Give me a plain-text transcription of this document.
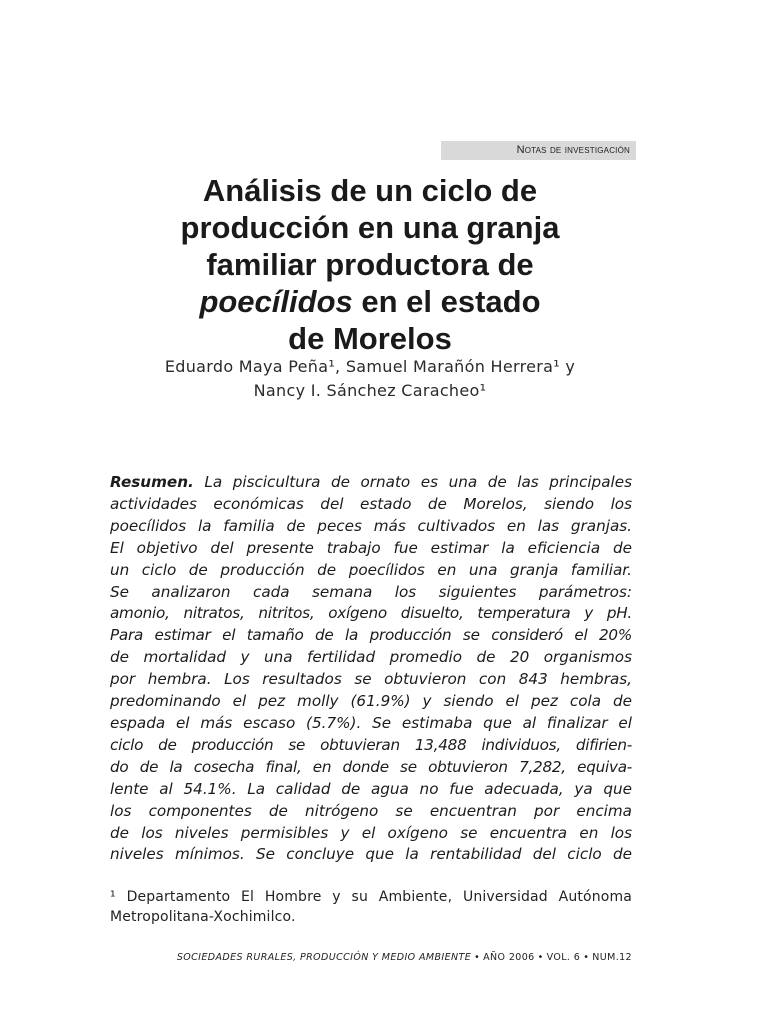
Notas de investigación
Análisis de un ciclo de
producción en una granja
familiar productora de
poecílidos en el estado
de Morelos
Eduardo Maya Peña¹, Samuel Marañón Herrera¹ y
Nancy I. Sánchez Caracheo¹
Resumen. La piscicultura de ornato es una de las principales
actividades económicas del estado de Morelos, siendo los
poecílidos la familia de peces más cultivados en las granjas.
El objetivo del presente trabajo fue estimar la eficiencia de
un ciclo de producción de poecílidos en una granja familiar.
Se analizaron cada semana los siguientes parámetros:
amonio, nitratos, nitritos, oxígeno disuelto, temperatura y pH.
Para estimar el tamaño de la producción se consideró el 20%
de mortalidad y una fertilidad promedio de 20 organismos
por hembra. Los resultados se obtuvieron con 843 hembras,
predominando el pez molly (61.9%) y siendo el pez cola de
espada el más escaso (5.7%). Se estimaba que al finalizar el
ciclo de producción se obtuvieran 13,488 individuos, difirien-
do de la cosecha final, en donde se obtuvieron 7,282, equiva-
lente al 54.1%. La calidad de agua no fue adecuada, ya que
los componentes de nitrógeno se encuentran por encima
de los niveles permisibles y el oxígeno se encuentra en los
niveles mínimos. Se concluye que la rentabilidad del ciclo de
¹ Departamento El Hombre y su Ambiente, Universidad Autónoma
Metropolitana-Xochimilco.
SOCIEDADES RURALES, PRODUCCIÓN Y MEDIO AMBIENTE • AÑO 2006 • VOL. 6 • NUM.12
